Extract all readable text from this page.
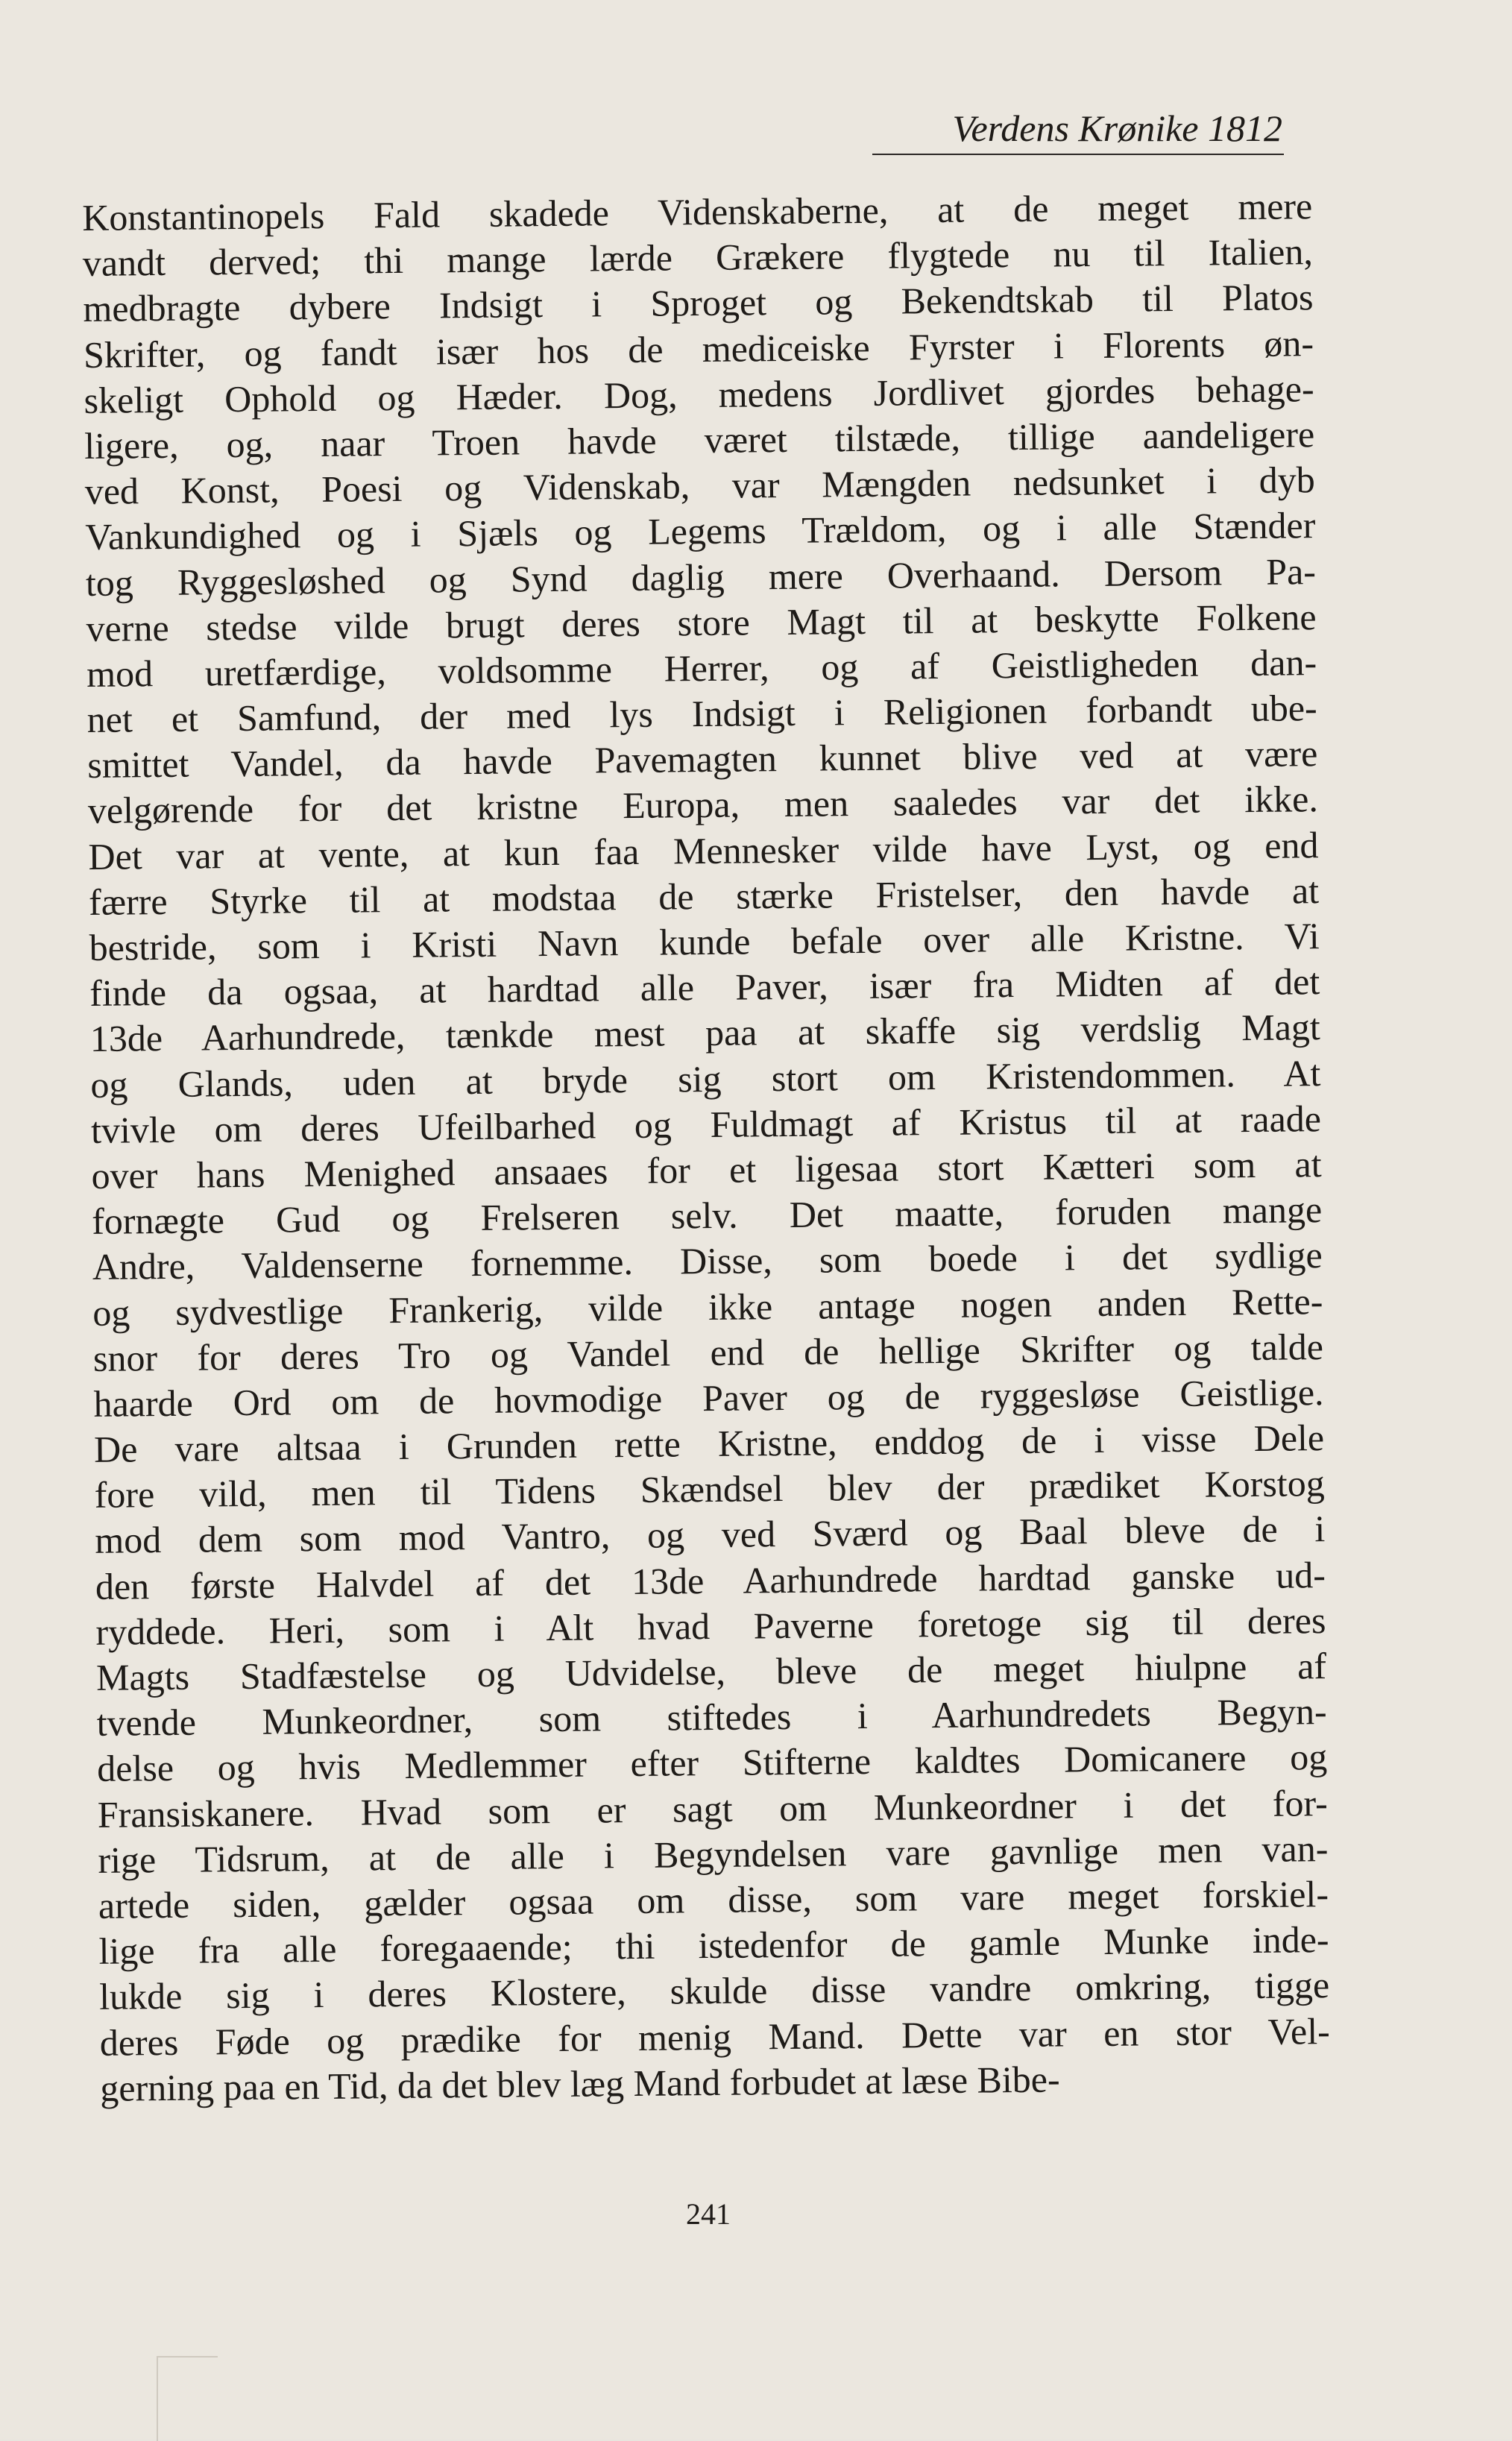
Verdens Krønike 1812
Konstantinopels Fald skadede Videnskaberne, at de meget mere
vandt derved; thi mange lærde Grækere flygtede nu til Italien,
medbragte dybere Indsigt i Sproget og Bekendtskab til Platos
Skrifter, og fandt især hos de mediceiske Fyrster i Florents øn-
skeligt Ophold og Hæder. Dog, medens Jordlivet gjordes behage-
ligere, og, naar Troen havde været tilstæde, tillige aandeligere
ved Konst, Poesi og Videnskab, var Mængden nedsunket i dyb
Vankundighed og i Sjæls og Legems Trældom, og i alle Stænder
tog Ryggesløshed og Synd daglig mere Overhaand. Dersom Pa-
verne stedse vilde brugt deres store Magt til at beskytte Folkene
mod uretfærdige, voldsomme Herrer, og af Geistligheden dan-
net et Samfund, der med lys Indsigt i Religionen forbandt ube-
smittet Vandel, da havde Pavemagten kunnet blive ved at være
velgørende for det kristne Europa, men saaledes var det ikke.
Det var at vente, at kun faa Mennesker vilde have Lyst, og end
færre Styrke til at modstaa de stærke Fristelser, den havde at
bestride, som i Kristi Navn kunde befale over alle Kristne. Vi
finde da ogsaa, at hardtad alle Paver, især fra Midten af det
13de Aarhundrede, tænkde mest paa at skaffe sig verdslig Magt
og Glands, uden at bryde sig stort om Kristendommen. At
tvivle om deres Ufeilbarhed og Fuldmagt af Kristus til at raade
over hans Menighed ansaaes for et ligesaa stort Kætteri som at
fornægte Gud og Frelseren selv. Det maatte, foruden mange
Andre, Valdenserne fornemme. Disse, som boede i det sydlige
og sydvestlige Frankerig, vilde ikke antage nogen anden Rette-
snor for deres Tro og Vandel end de hellige Skrifter og talde
haarde Ord om de hovmodige Paver og de ryggesløse Geistlige.
De vare altsaa i Grunden rette Kristne, enddog de i visse Dele
fore vild, men til Tidens Skændsel blev der prædiket Korstog
mod dem som mod Vantro, og ved Sværd og Baal bleve de i
den første Halvdel af det 13de Aarhundrede hardtad ganske ud-
ryddede. Heri, som i Alt hvad Paverne foretoge sig til deres
Magts Stadfæstelse og Udvidelse, bleve de meget hiulpne af
tvende Munkeordner, som stiftedes i Aarhundredets Begyn-
delse og hvis Medlemmer efter Stifterne kaldtes Domicanere og
Fransiskanere. Hvad som er sagt om Munkeordner i det for-
rige Tidsrum, at de alle i Begyndelsen vare gavnlige men van-
artede siden, gælder ogsaa om disse, som vare meget forskiel-
lige fra alle foregaaende; thi istedenfor de gamle Munke inde-
lukde sig i deres Klostere, skulde disse vandre omkring, tigge
deres Føde og prædike for menig Mand. Dette var en stor Vel-
gerning paa en Tid, da det blev læg Mand forbudet at læse Bibe-
241
